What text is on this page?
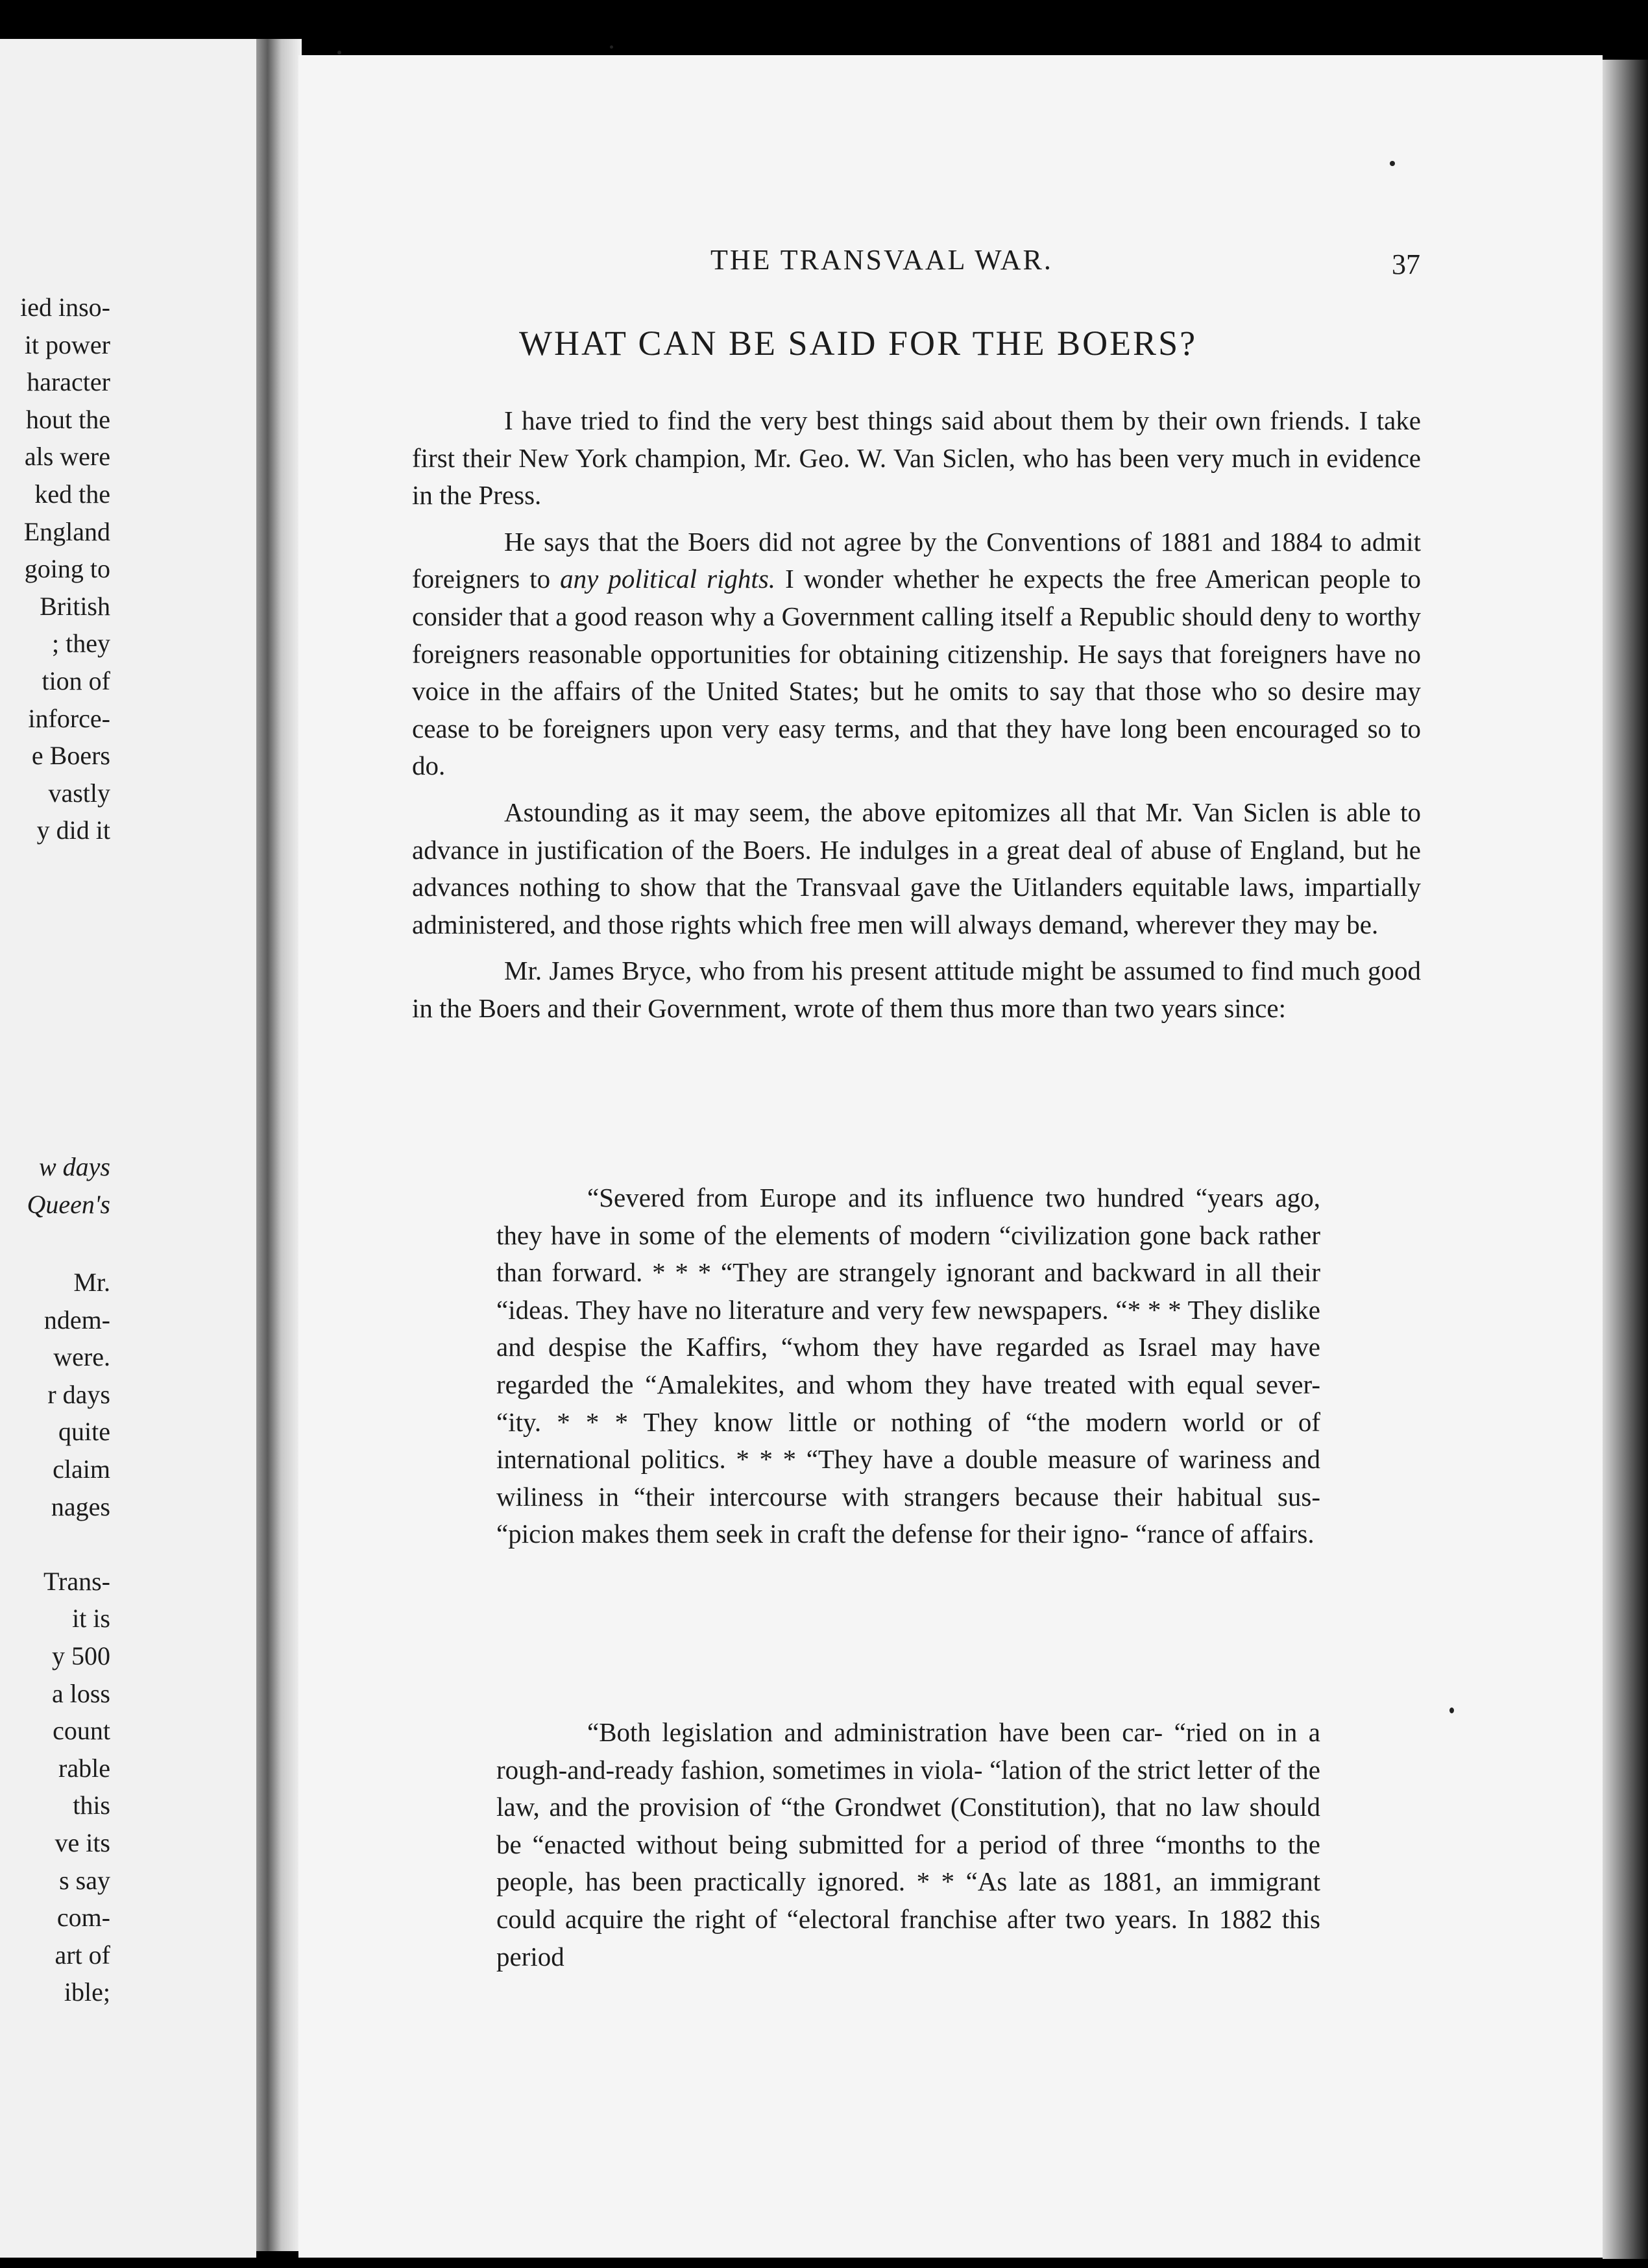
ied inso-
it power
haracter
hout the
als were
ked the
England
going to
British
; they
tion of
inforce-
e Boers
vastly
y did it
w days
Queen's
Mr.
ndem-
were.
r days
quite
claim
nages
Trans-
it is
y 500
a loss
count
rable
this
ve its
s say
com-
art of
ible;
THE TRANSVAAL WAR.	37
WHAT CAN BE SAID FOR THE BOERS?

I have tried to find the very best things said about them by their own friends. I take first their New York champion, Mr. Geo. W. Van Siclen, who has been very much in evidence in the Press.

He says that the Boers did not agree by the Conventions of 1881 and 1884 to admit foreigners to any political rights. I wonder whether he expects the free American people to consider that a good reason why a Government calling itself a Republic should deny to worthy foreigners reasonable opportunities for obtaining citizenship. He says that foreigners have no voice in the affairs of the United States; but he omits to say that those who so desire may cease to be foreigners upon very easy terms, and that they have long been encouraged so to do.

Astounding as it may seem, the above epitomizes all that Mr. Van Siclen is able to advance in justification of the Boers. He indulges in a great deal of abuse of England, but he advances nothing to show that the Transvaal gave the Uitlanders equitable laws, impartially administered, and those rights which free men will always demand, wherever they may be.

Mr. James Bryce, who from his present attitude might be assumed to find much good in the Boers and their Government, wrote of them thus more than two years since:

“Severed from Europe and its influence two hundred “years ago, they have in some of the elements of modern “civilization gone back rather than forward. * * * “They are strangely ignorant and backward in all their “ideas. They have no literature and very few newspapers. “* * * They dislike and despise the Kaffirs, “whom they have regarded as Israel may have regarded the “Amalekites, and whom they have treated with equal sever- “ity. * * * They know little or nothing of “the modern world or of international politics. * * * “They have a double measure of wariness and wiliness in “their intercourse with strangers because their habitual sus- “picion makes them seek in craft the defense for their igno- “rance of affairs.

“Both legislation and administration have been car- “ried on in a rough-and-ready fashion, sometimes in viola- “lation of the strict letter of the law, and the provision of “the Grondwet (Constitution), that no law should be “enacted without being submitted for a period of three “months to the people, has been practically ignored. * * “As late as 1881, an immigrant could acquire the right of “electoral franchise after two years. In 1882 this period
